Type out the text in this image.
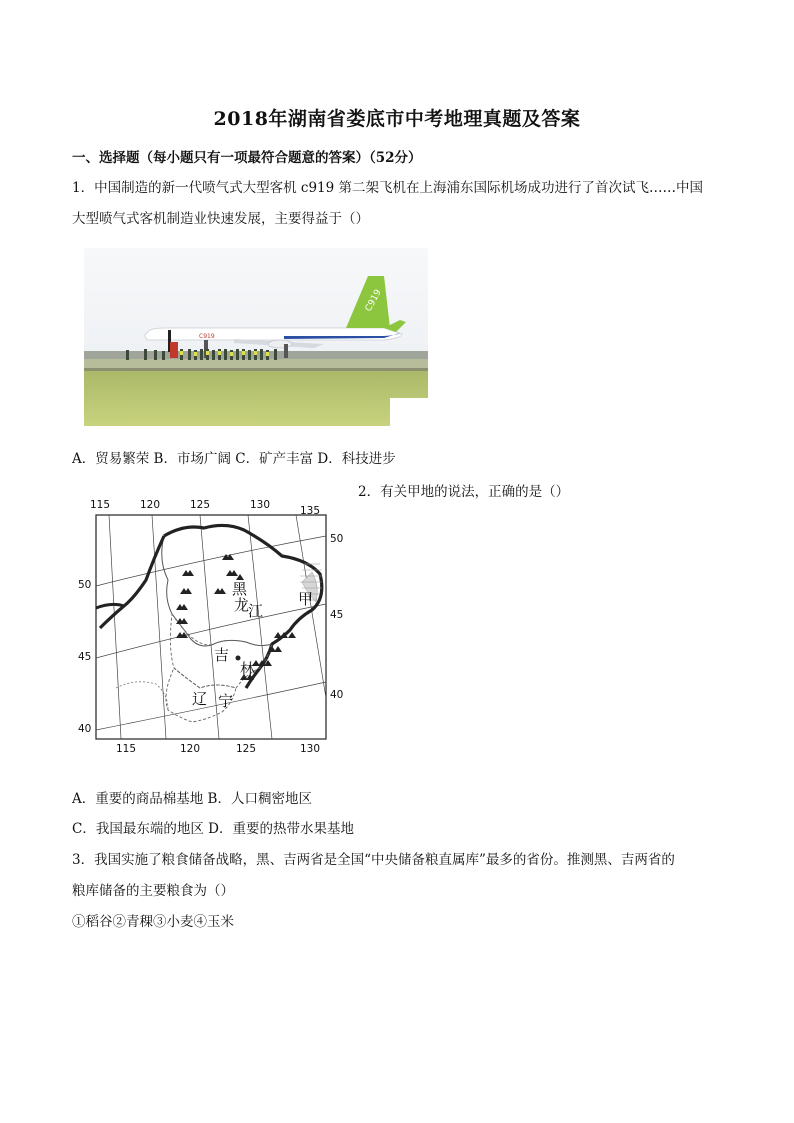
2018年湖南省娄底市中考地理真题及答案
一、选择题（每小题只有一项最符合题意的答案）（52分）
1．中国制造的新一代喷气式大型客机 c919 第二架飞机在上海浦东国际机场成功进行了首次试飞……中国
大型喷气式客机制造业快速发展，主要得益于（）
C919
C919
A．贸易繁荣 B．市场广阔 C．矿产丰富 D．科技进步
2．有关甲地的说法，正确的是（）
115	120	125	130	135
115	120	125	130
50
45
40
50
45
40
黑
龙
江
吉
林
辽 宁
甲
A．重要的商品棉基地 B．人口稠密地区
C．我国最东端的地区 D．重要的热带水果基地
3．我国实施了粮食储备战略，黑、吉两省是全国“中央储备粮直属库”最多的省份。推测黑、吉两省的
粮库储备的主要粮食为（）
①稻谷②青稞③小麦④玉米
